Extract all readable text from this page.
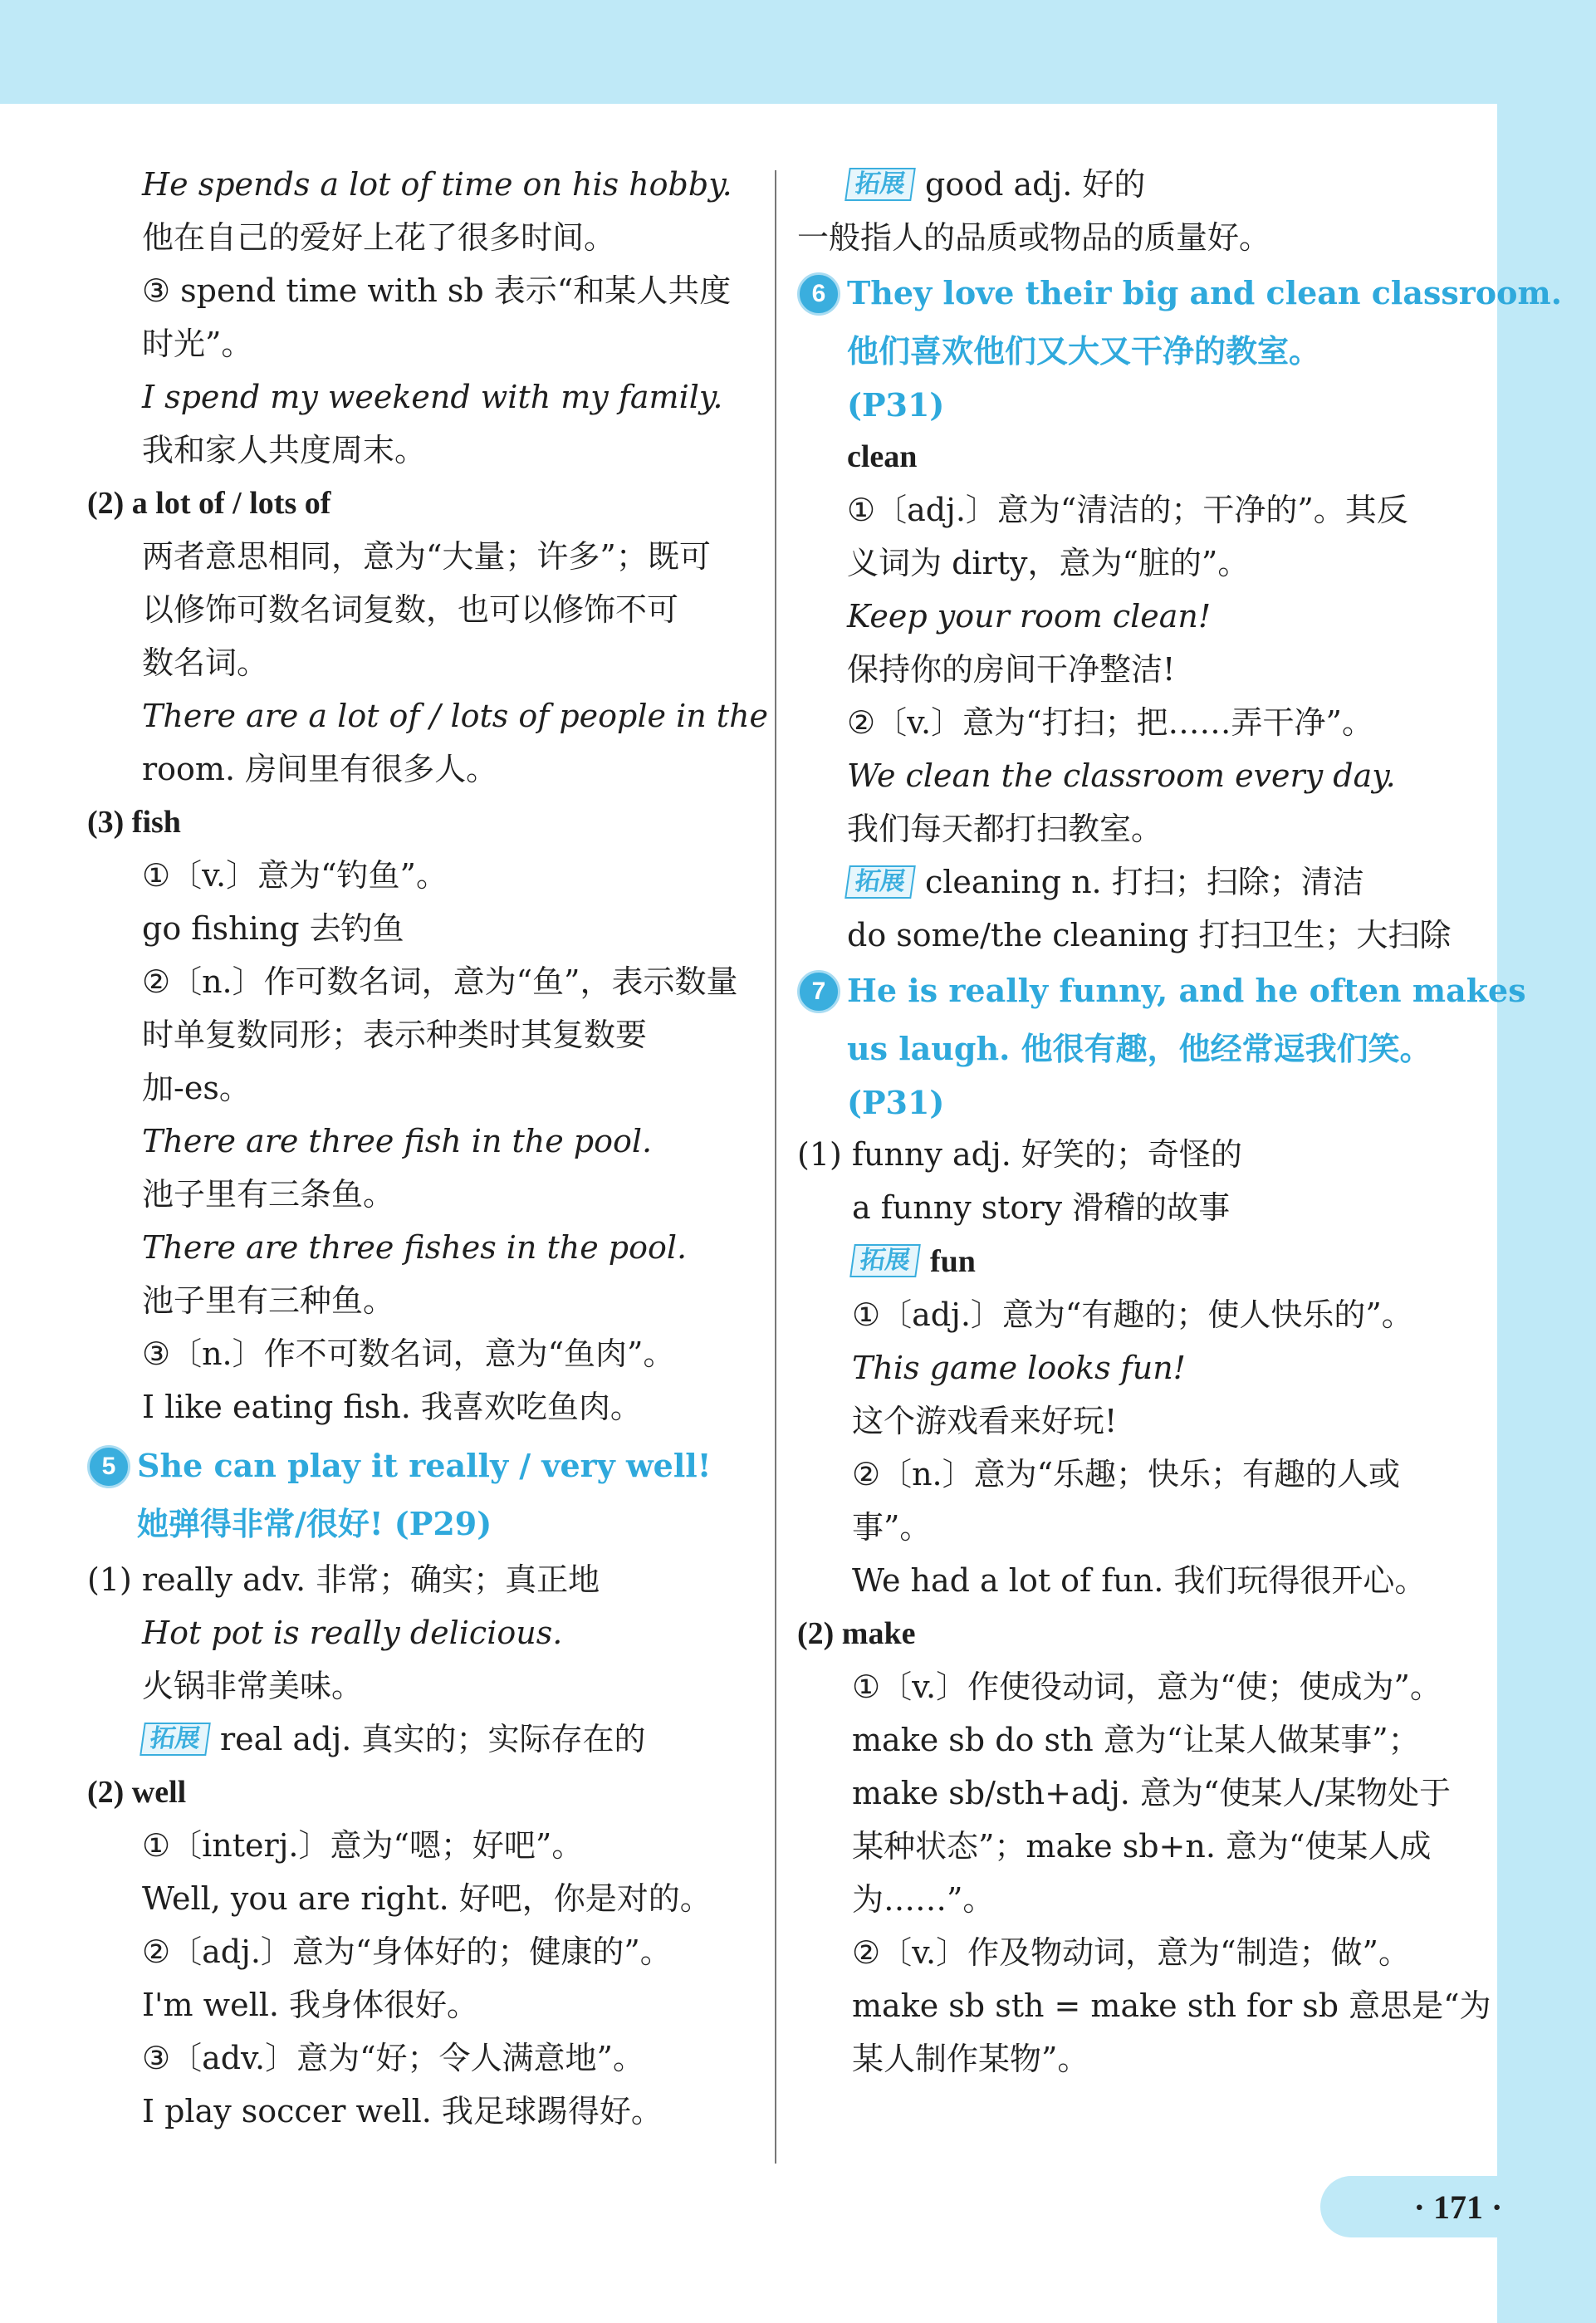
He spends a lot of time on his hobby.

他在自己的爱好上花了很多时间。

③ spend time with sb 表示“和某人共度

时光”。

I spend my weekend with my family.

我和家人共度周末。

(2) a lot of / lots of

两者意思相同，意为“大量；许多”；既可

以修饰可数名词复数，也可以修饰不可

数名词。

There are a lot of / lots of people in the

room. 房间里有很多人。

(3) fish

①〔v.〕意为“钓鱼”。

go fishing 去钓鱼

②〔n.〕作可数名词，意为“鱼”，表示数量

时单复数同形；表示种类时其复数要

加-es。

There are three fish in the pool.

池子里有三条鱼。

There are three fishes in the pool.

池子里有三种鱼。

③〔n.〕作不可数名词，意为“鱼肉”。

I like eating fish. 我喜欢吃鱼肉。

5 She can play it really / very well!
她弹得非常/很好! (P29)

(1) really adv. 非常；确实；真正地

Hot pot is really delicious.

火锅非常美味。

拓展 real adj. 真实的；实际存在的

(2) well

①〔interj.〕意为“嗯；好吧”。

Well, you are right. 好吧，你是对的。

②〔adj.〕意为“身体好的；健康的”。

I'm well. 我身体很好。

③〔adv.〕意为“好；令人满意地”。

I play soccer well. 我足球踢得好。

拓展 good adj. 好的

一般指人的品质或物品的质量好。

6 They love their big and clean classroom.
他们喜欢他们又大又干净的教室。
(P31)

clean

①〔adj.〕意为“清洁的；干净的”。其反

义词为 dirty，意为“脏的”。

Keep your room clean!

保持你的房间干净整洁!

②〔v.〕意为“打扫；把……弄干净”。

We clean the classroom every day.

我们每天都打扫教室。

拓展 cleaning n. 打扫；扫除；清洁

do some/the cleaning 打扫卫生；大扫除

7 He is really funny, and he often makes
us laugh. 他很有趣，他经常逗我们笑。
(P31)

(1) funny adj. 好笑的；奇怪的

a funny story 滑稽的故事

拓展 fun

①〔adj.〕意为“有趣的；使人快乐的”。

This game looks fun!

这个游戏看来好玩!

②〔n.〕意为“乐趣；快乐；有趣的人或

事”。

We had a lot of fun. 我们玩得很开心。

(2) make

①〔v.〕作使役动词，意为“使；使成为”。

make sb do sth 意为“让某人做某事”；

make sb/sth+adj. 意为“使某人/某物处于

某种状态”；make sb+n. 意为“使某人成

为……”。

②〔v.〕作及物动词，意为“制造；做”。

make sb sth = make sth for sb 意思是“为

某人制作某物”。

· 171 ·
